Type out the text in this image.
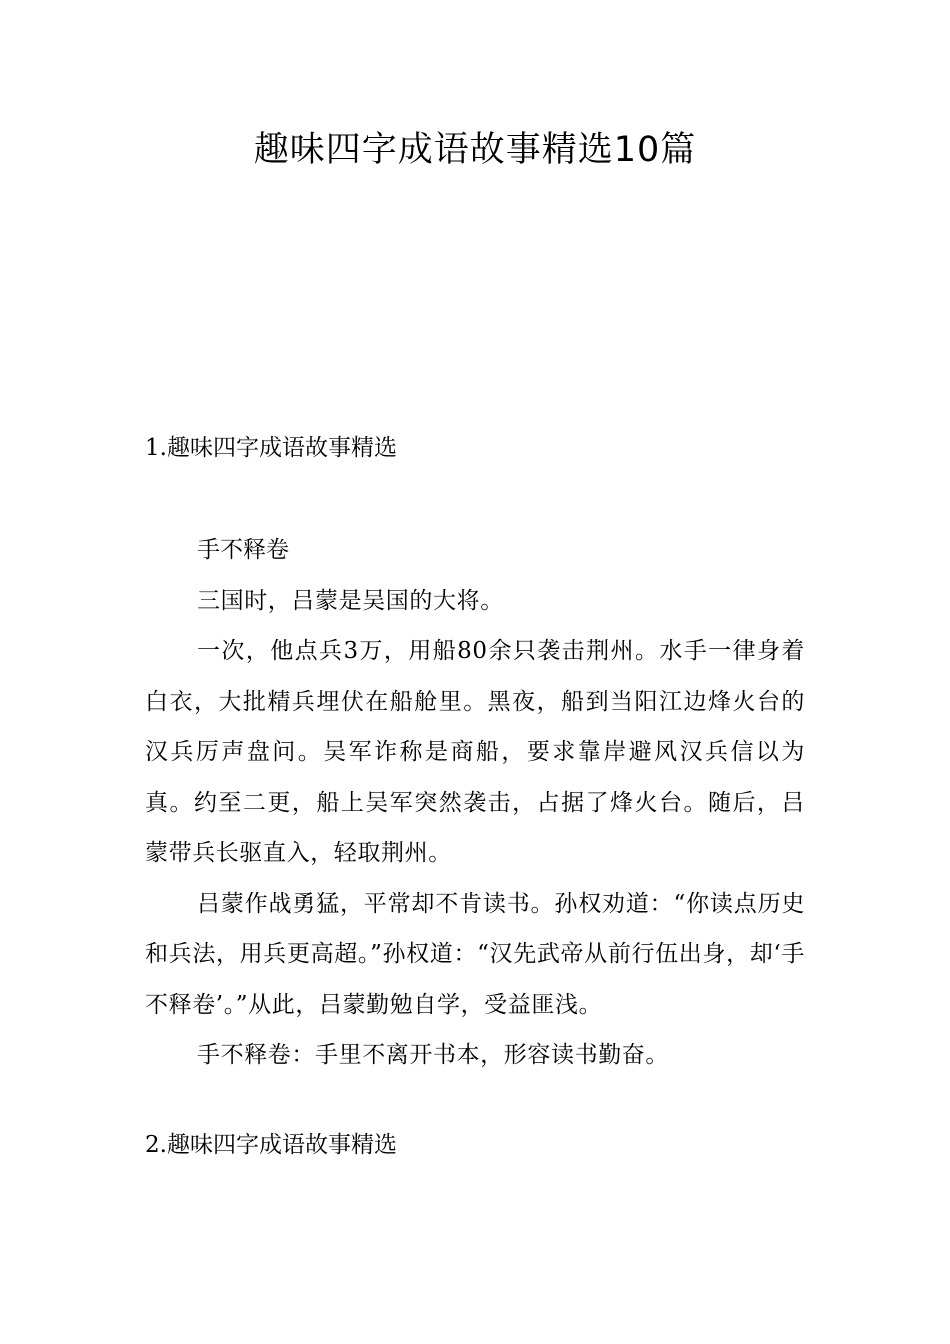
趣味四字成语故事精选10篇
1.趣味四字成语故事精选

手不释卷

三国时，吕蒙是吴国的大将。

一次，他点兵3万，用船80余只袭击荆州。水手一律身着白衣，大批精兵埋伏在船舱里。黑夜，船到当阳江边烽火台的汉兵厉声盘问。吴军诈称是商船，要求靠岸避风汉兵信以为真。约至二更，船上吴军突然袭击，占据了烽火台。随后，吕蒙带兵长驱直入，轻取荆州。

吕蒙作战勇猛，平常却不肯读书。孙权劝道：“你读点历史和兵法，用兵更高超。”孙权道：“汉先武帝从前行伍出身，却‘手不释卷’。”从此，吕蒙勤勉自学，受益匪浅。

手不释卷：手里不离开书本，形容读书勤奋。

2.趣味四字成语故事精选
